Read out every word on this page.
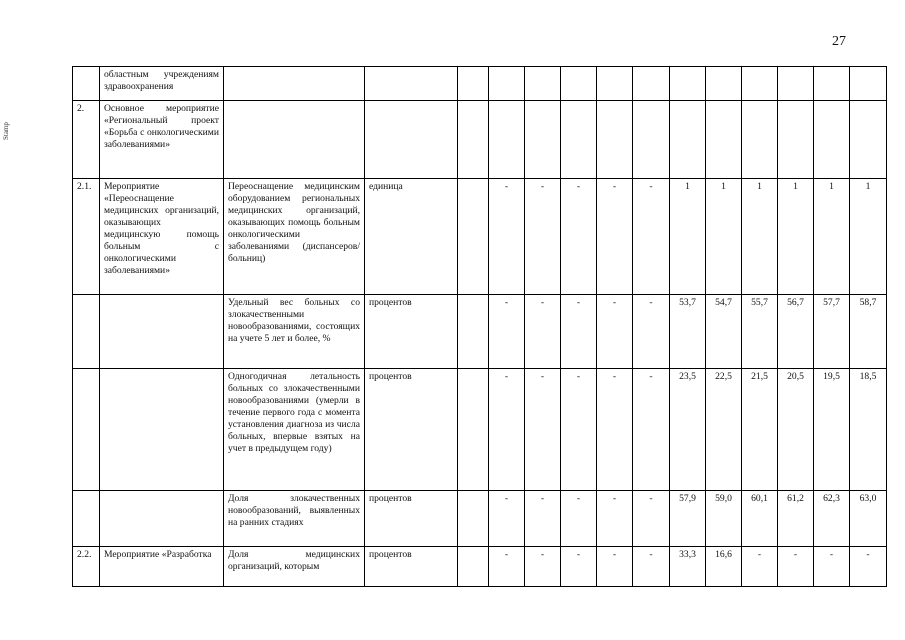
27
Stamp
	областным учреждениям здравоохранения														
2.	Основное мероприятие «Региональный проект «Борьба с онкологическими заболеваниями»														
2.1.	Мероприятие «Переоснащение медицинских организаций, оказывающих медицинскую помощь больным с онкологическими заболеваниями»	Переоснащение медицинским оборудованием региональных медицинских организаций, оказывающих помощь больным онкологическими заболеваниями (диспансеров/больниц)	единица		-	-	-	-	-	1	1	1	1	1	1
		Удельный вес больных со злокачественными новообразованиями, состоящих на учете 5 лет и более, %	процентов		-	-	-	-	-	53,7	54,7	55,7	56,7	57,7	58,7
		Одногодичная летальность больных со злокачественными новообразованиями (умерли в течение первого года с момента установления диагноза из числа больных, впервые взятых на учет в предыдущем году)	процентов		-	-	-	-	-	23,5	22,5	21,5	20,5	19,5	18,5
		Доля злокачественных новообразований, выявленных на ранних стадиях	процентов		-	-	-	-	-	57,9	59,0	60,1	61,2	62,3	63,0
2.2.	Мероприятие «Разработка	Доля медицинских организаций, которым	процентов		-	-	-	-	-	33,3	16,6	-	-	-	-
